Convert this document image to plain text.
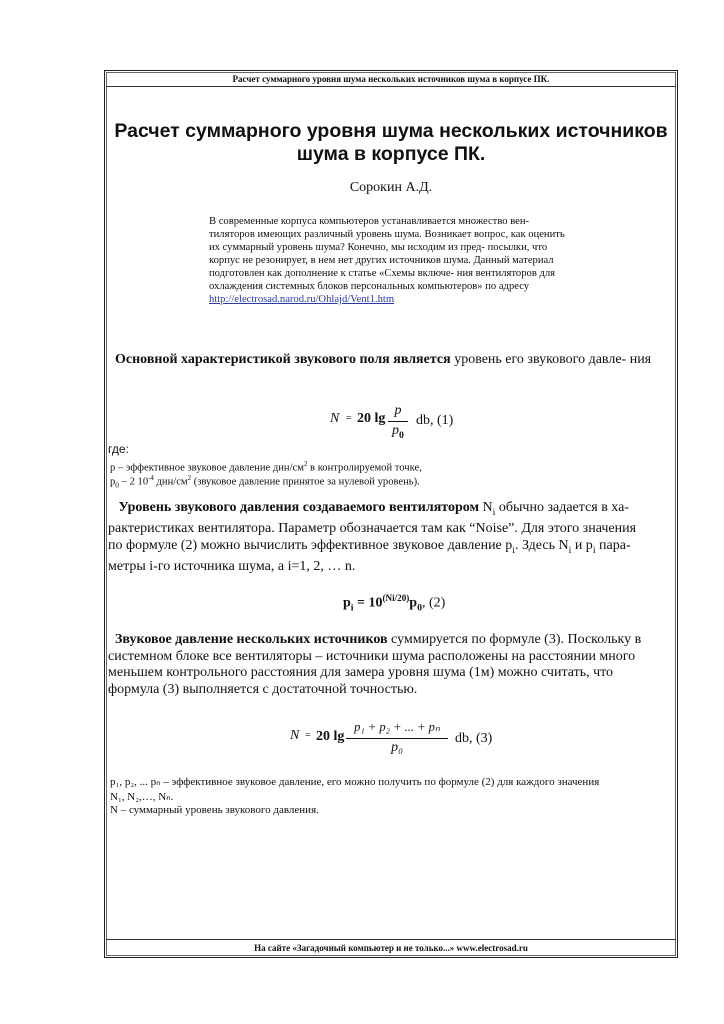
Расчет суммарного уровня шума нескольких источников шума в корпусе ПК.
Расчет суммарного уровня шума нескольких источников
шума в корпусе ПК.
Сорокин А.Д.

В современные корпуса компьютеров устанавливается множество вен- тиляторов имеющих различный уровень шума. Возникает вопрос, как оценить их суммарный уровень шума? Конечно, мы исходим из пред- посылки, что корпус не резонирует, в нем нет других источников шума. Данный материал подготовлен как дополнение к статье «Схемы включе- ния вентиляторов для охлаждения системных блоков персональных компьютеров» по адресу http://electrosad.narod.ru/Ohlajd/Vent1.htm

Основной характеристикой звукового поля является уровень его звукового давле- ния

N = 20 lg
p
$p_0$
db, (1)
где:
p – эффективное звуковое давление дин/$см^2$ в контролируемой точке,
$p_0 - 2$ $10^{-4}$ дин/$см^2$ (звуковое давление принятое за нулевой уровень).
Уровень звукового давления создаваемого вентилятором $N_i$ обычно задается в ха-
рактеристиках вентилятора. Параметр обозначается там как “Noise”. Для этого значения
по формуле (2) можно вычислить эффективное звуковое давление $p_i$. Здесь $N_i$ и $p_i$ пара-
метры i-го источника шума, а i=1, 2, … n.
$p_i = 10^{(Ni/20)}p_0$, (2)
Звуковое давление нескольких источников суммируется по формуле (3). Поскольку в
системном блоке все вентиляторы – источники шума расположены на расстоянии много
меньшем контрольного расстояния для замера уровня шума (1м) можно считать, что
формула (3) выполняется с достаточной точностью.
N = 20 lg
p₁ + p₂ + ... + pₙ
p₀
db, (3)
p₁, p₂, ... pₙ – эффективное звуковое давление, его можно получить по формуле (2) для каждого значения
N₁, N₂,…, Nₙ.
N – суммарный уровень звукового давления.
На сайте «Загадочный компьютер и не только...» www.electrosad.ru
